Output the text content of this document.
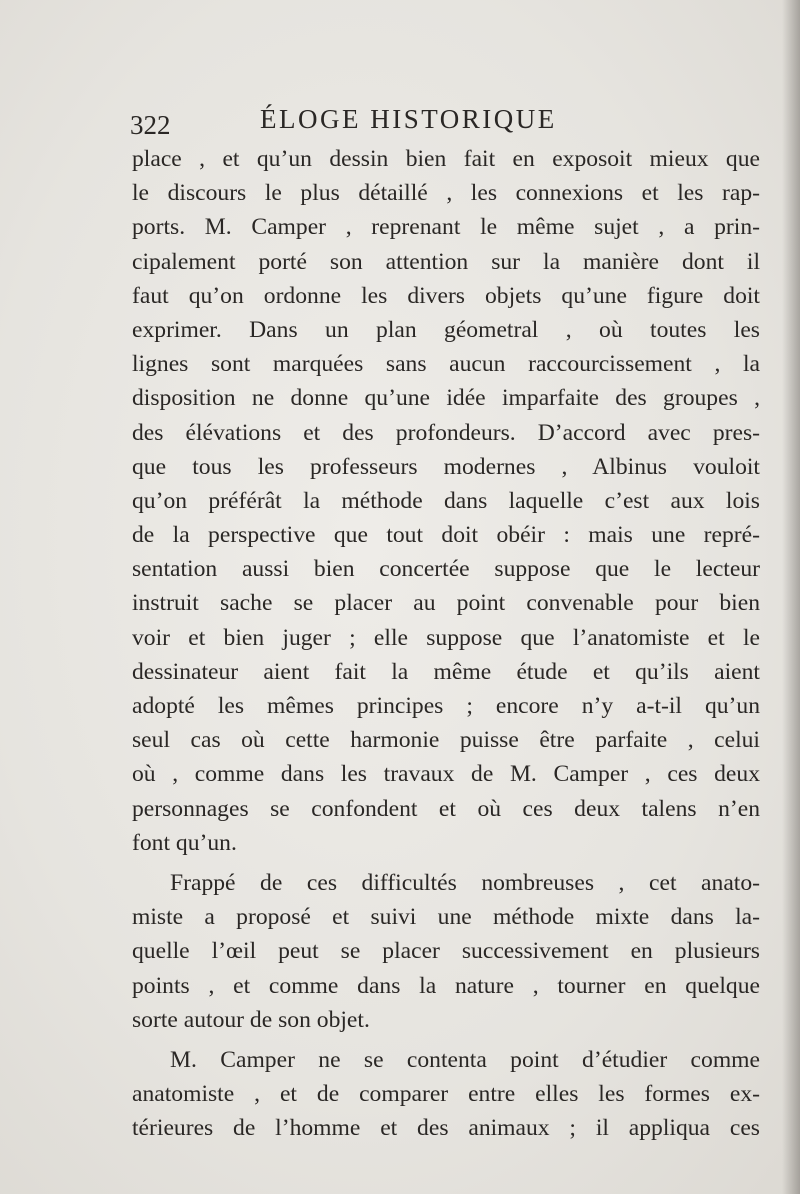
322	ÉLOGE HISTORIQUE
place , et qu’un dessin bien fait en exposoit mieux que
le discours le plus détaillé , les connexions et les rap-
ports. M. Camper , reprenant le même sujet , a prin-
cipalement porté son attention sur la manière dont il
faut qu’on ordonne les divers objets qu’une figure doit
exprimer. Dans un plan géometral , où toutes les
lignes sont marquées sans aucun raccourcissement , la
disposition ne donne qu’une idée imparfaite des groupes ,
des élévations et des profondeurs. D’accord avec pres-
que tous les professeurs modernes , Albinus vouloit
qu’on préférât la méthode dans laquelle c’est aux lois
de la perspective que tout doit obéir : mais une repré-
sentation aussi bien concertée suppose que le lecteur
instruit sache se placer au point convenable pour bien
voir et bien juger ; elle suppose que l’anatomiste et le
dessinateur aient fait la même étude et qu’ils aient
adopté les mêmes principes ; encore n’y a-t-il qu’un
seul cas où cette harmonie puisse être parfaite , celui
où , comme dans les travaux de M. Camper , ces deux
personnages se confondent et où ces deux talens n’en
font qu’un.
Frappé de ces difficultés nombreuses , cet anato-
miste a proposé et suivi une méthode mixte dans la-
quelle l’œil peut se placer successivement en plusieurs
points , et comme dans la nature , tourner en quelque
sorte autour de son objet.
M. Camper ne se contenta point d’étudier comme
anatomiste , et de comparer entre elles les formes ex-
térieures de l’homme et des animaux ; il appliqua ces
